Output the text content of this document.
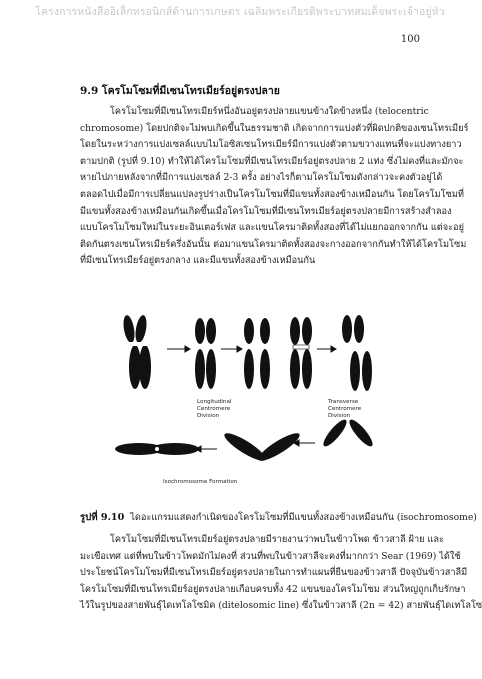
โครงการหนังสืออิเล็กทรอนิกส์ด้านการเกษตร เฉลิมพระเกียรติพระบาทสมเด็จพระเจ้าอยู่หัว
100
9.9 โครโมโซมที่มีเซนโทรเมียร์อยู่ตรงปลาย
โครโมโซมที่มีเซนโทรเมียร์หนึ่งอันอยู่ตรงปลายแขนข้างใดข้างหนึ่ง (telocentric
chromosome) โดยปกติจะไม่พบเกิดขึ้นในธรรมชาติ เกิดจากการแบ่งตัวที่ผิดปกติของเซนโทรเมียร์
โดยในระหว่างการแบ่งเซลล์แบบไมโอซิสเซนโทรเมียร์มีการแบ่งตัวตามขวางแทนที่จะแบ่งทางยาว
ตามปกติ (รูปที่ 9.10) ทำให้ได้โครโมโซมที่มีเซนโทรเมียร์อยู่ตรงปลาย 2 แท่ง ซึ่งไม่คงที่และมักจะ
หายไปภายหลังจากที่มีการแบ่งเซลล์ 2-3 ครั้ง อย่างไรก็ตามโครโมโซมดังกล่าวจะคงตัวอยู่ได้
ตลอดไปเมื่อมีการเปลี่ยนแปลงรูปร่างเป็นโครโมโซมที่มีแขนทั้งสองข้างเหมือนกัน โดยโครโมโซมที่
มีแขนทั้งสองข้างเหมือนกันเกิดขึ้นเมื่อโครโมโซมที่มีเซนโทรเมียร์อยู่ตรงปลายมีการสร้างสำลอง
แบบโครโมโซมใหม่ในระยะอินเตอร์เฟส และแขนโครมาติดทั้งสองที่ได้ไม่แยกออกจากกัน แต่จะอยู่
ติดกันตรงเซนโทรเมียร์ครึ่งอันนั้น ต่อมาแขนโครมาติดทั้งสองจะกางออกจากกันทำให้ได้โครโมโซม
ที่มีเซนโทรเมียร์อยู่ตรงกลาง และมีแขนทั้งสองข้างเหมือนกัน
Longitudinal
Centromere
Division
Transverse
Centromere
Division
Isochromosome Formation
รูปที่ 9.10 ไดอะแกรมแสดงกำเนิดของโครโมโซมที่มีแขนทั้งสองข้างเหมือนกัน (isochromosome)
โครโมโซมที่มีเซนโทรเมียร์อยู่ตรงปลายมีรายงานว่าพบในข้าวโพด ข้าวสาลี ฝ้าย และ
มะเขือเทศ แต่ที่พบในข้าวโพดมักไม่คงที่ ส่วนที่พบในข้าวสาลีจะคงที่มากกว่า Sear (1969) ได้ใช้
ประโยชน์โครโมโซมที่มีเซนโทรเมียร์อยู่ตรงปลายในการทำแผนที่ยีนของข้าวสาลี ปัจจุบันข้าวสาลีมี
โครโมโซมที่มีเซนโทรเมียร์อยู่ตรงปลายเกือบครบทั้ง 42 แขนของโครโมโซม ส่วนใหญ่ถูกเก็บรักษา
ไว้ในรูปของสายพันธุ์ไดเทโลโซมิค (ditelosomic line) ซึ่งในข้าวสาลี (2n = 42) สายพันธุ์ไดเทโลโซ
